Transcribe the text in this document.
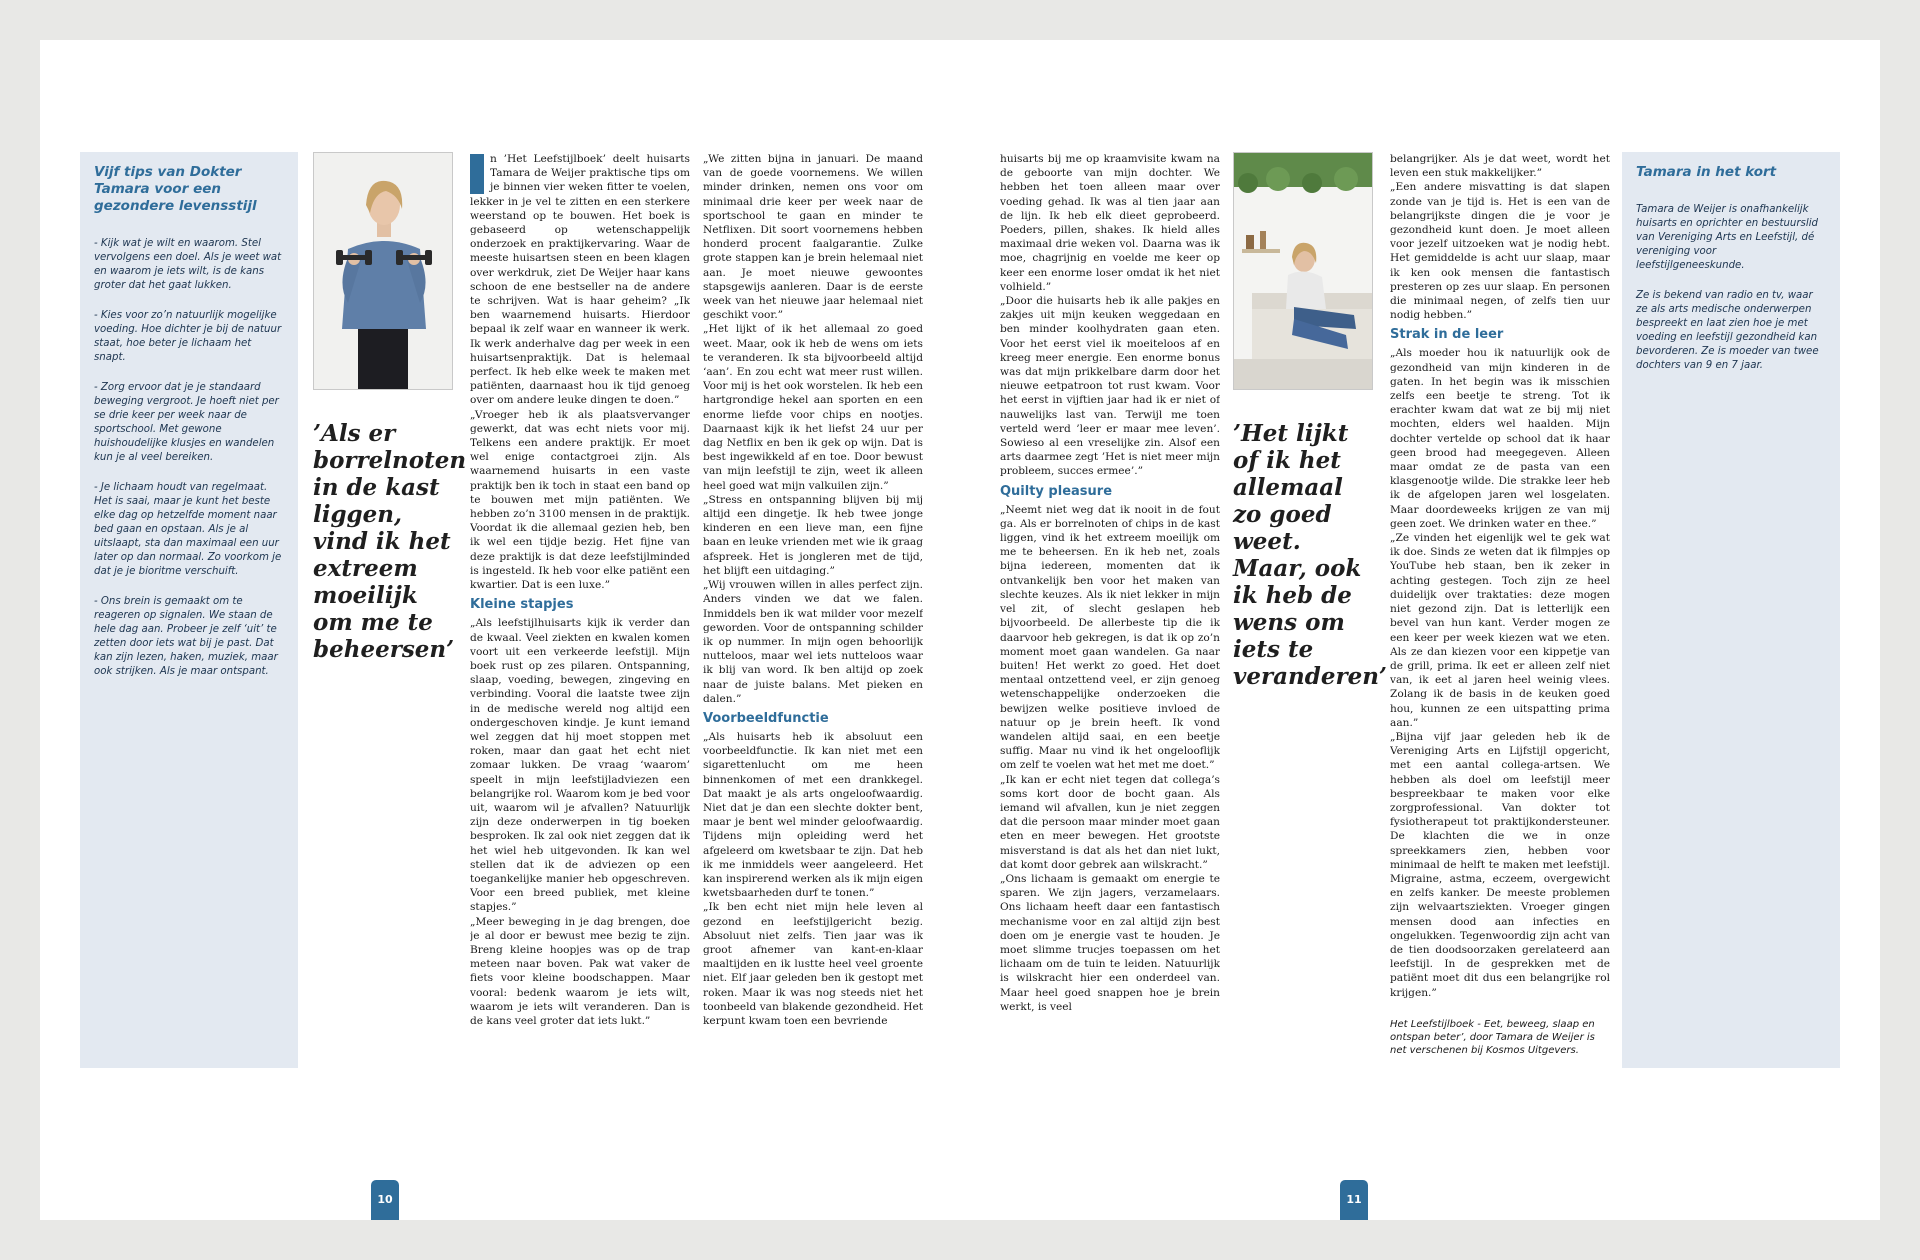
Vijf tips van Dokter Tamara voor een gezondere levensstijl

- Kijk wat je wilt en waarom. Stel vervolgens een doel. Als je weet wat en waarom je iets wilt, is de kans groter dat het gaat lukken.

- Kies voor zo’n natuurlijk mogelijke voeding. Hoe dichter je bij de natuur staat, hoe beter je lichaam het snapt.

- Zorg ervoor dat je je standaard beweging vergroot. Je hoeft niet per se drie keer per week naar de sportschool. Met gewone huishoudelijke klusjes en wandelen kun je al veel bereiken.

- Je lichaam houdt van regelmaat. Het is saai, maar je kunt het beste elke dag op hetzelfde moment naar bed gaan en opstaan. Als je al uitslaapt, sta dan maximaal een uur later op dan normaal. Zo voorkom je dat je je bioritme verschuift.

- Ons brein is gemaakt om te reageren op signalen. We staan de hele dag aan. Probeer je zelf ‘uit’ te zetten door iets wat bij je past. Dat kan zijn lezen, haken, muziek, maar ook strijken. Als je maar ontspant.

’Als er borrelnoten in de kast liggen, vind ik het extreem moeilijk om me te beheersen’

n ’Het Leefstijlboek’ deelt huisarts Tamara de Weijer praktische tips om je binnen vier weken fitter te voelen, lekker in je vel te zitten en een sterkere weerstand op te bouwen. Het boek is gebaseerd op wetenschappelijk onderzoek en praktijkervaring. Waar de meeste huisartsen steen en been klagen over werkdruk, ziet De Weijer haar kans schoon de ene bestseller na de andere te schrijven. Wat is haar geheim? „Ik ben waarnemend huisarts. Hierdoor bepaal ik zelf waar en wanneer ik werk. Ik werk anderhalve dag per week in een huisartsenpraktijk. Dat is helemaal perfect. Ik heb elke week te maken met patiënten, daarnaast hou ik tijd genoeg over om andere leuke dingen te doen.”

„Vroeger heb ik als plaatsvervanger gewerkt, dat was echt niets voor mij. Telkens een andere praktijk. Er moet wel enige contactgroei zijn. Als waarnemend huisarts in een vaste praktijk ben ik toch in staat een band op te bouwen met mijn patiënten. We hebben zo’n 3100 mensen in de praktijk. Voordat ik die allemaal gezien heb, ben ik wel een tijdje bezig. Het fijne van deze praktijk is dat deze leefstijlminded is ingesteld. Ik heb voor elke patiënt een kwartier. Dat is een luxe.”

Kleine stapjes

„Als leefstijlhuisarts kijk ik verder dan de kwaal. Veel ziekten en kwalen komen voort uit een verkeerde leefstijl. Mijn boek rust op zes pilaren. Ontspanning, slaap, voeding, bewegen, zingeving en verbinding. Vooral die laatste twee zijn in de medische wereld nog altijd een ondergeschoven kindje. Je kunt iemand wel zeggen dat hij moet stoppen met roken, maar dan gaat het echt niet zomaar lukken. De vraag ‘waarom’ speelt in mijn leefstijladviezen een belangrijke rol. Waarom kom je bed voor uit, waarom wil je afvallen? Natuurlijk zijn deze onderwerpen in tig boeken besproken. Ik zal ook niet zeggen dat ik het wiel heb uitgevonden. Ik kan wel stellen dat ik de adviezen op een toegankelijke manier heb opgeschreven. Voor een breed publiek, met kleine stapjes.”

„Meer beweging in je dag brengen, doe je al door er bewust mee bezig te zijn. Breng kleine hoopjes was op de trap meteen naar boven. Pak wat vaker de fiets voor kleine boodschappen. Maar vooral: bedenk waarom je iets wilt, waarom je iets wilt veranderen. Dan is de kans veel groter dat iets lukt.”

„We zitten bijna in januari. De maand van de goede voornemens. We willen minder drinken, nemen ons voor om minimaal drie keer per week naar de sportschool te gaan en minder te Netflixen. Dit soort voornemens hebben honderd procent faalgarantie. Zulke grote stappen kan je brein helemaal niet aan. Je moet nieuwe gewoontes stapsgewijs aanleren. Daar is de eerste week van het nieuwe jaar helemaal niet geschikt voor.”

„Het lijkt of ik het allemaal zo goed weet. Maar, ook ik heb de wens om iets te veranderen. Ik sta bijvoorbeeld altijd ‘aan’. En zou echt wat meer rust willen. Voor mij is het ook worstelen. Ik heb een hartgrondige hekel aan sporten en een enorme liefde voor chips en nootjes. Daarnaast kijk ik het liefst 24 uur per dag Netflix en ben ik gek op wijn. Dat is best ingewikkeld af en toe. Door bewust van mijn leefstijl te zijn, weet ik alleen heel goed wat mijn valkuilen zijn.”

„Stress en ontspanning blijven bij mij altijd een dingetje. Ik heb twee jonge kinderen en een lieve man, een fijne baan en leuke vrienden met wie ik graag afspreek. Het is jongleren met de tijd, het blijft een uitdaging.”

„Wij vrouwen willen in alles perfect zijn. Anders vinden we dat we falen. Inmiddels ben ik wat milder voor mezelf geworden. Voor de ontspanning schilder ik op nummer. In mijn ogen behoorlijk nutteloos, maar wel iets nutteloos waar ik blij van word. Ik ben altijd op zoek naar de juiste balans. Met pieken en dalen.”

Voorbeeldfunctie

„Als huisarts heb ik absoluut een voorbeeldfunctie. Ik kan niet met een sigarettenlucht om me heen binnenkomen of met een drankkegel. Dat maakt je als arts ongeloofwaardig. Niet dat je dan een slechte dokter bent, maar je bent wel minder geloofwaardig. Tijdens mijn opleiding werd het afgeleerd om kwetsbaar te zijn. Dat heb ik me inmiddels weer aangeleerd. Het kan inspirerend werken als ik mijn eigen kwetsbaarheden durf te tonen.”

„Ik ben echt niet mijn hele leven al gezond en leefstijlgericht bezig. Absoluut niet zelfs. Tien jaar was ik groot afnemer van kant-en-klaar maaltijden en ik lustte heel veel groente niet. Elf jaar geleden ben ik gestopt met roken. Maar ik was nog steeds niet het toonbeeld van blakende gezondheid. Het kerpunt kwam toen een bevriende

10

huisarts bij me op kraamvisite kwam na de geboorte van mijn dochter. We hebben het toen alleen maar over voeding gehad. Ik was al tien jaar aan de lijn. Ik heb elk dieet geprobeerd. Poeders, pillen, shakes. Ik hield alles maximaal drie weken vol. Daarna was ik moe, chagrijnig en voelde me keer op keer een enorme loser omdat ik het niet volhield.”

„Door die huisarts heb ik alle pakjes en zakjes uit mijn keuken weggedaan en ben minder koolhydraten gaan eten. Voor het eerst viel ik moeiteloos af en kreeg meer energie. Een enorme bonus was dat mijn prikkelbare darm door het nieuwe eetpatroon tot rust kwam. Voor het eerst in vijftien jaar had ik er niet of nauwelijks last van. Terwijl me toen verteld werd ’leer er maar mee leven’. Sowieso al een vreselijke zin. Alsof een arts daarmee zegt ’Het is niet meer mijn probleem, succes ermee’.”

Quilty pleasure

„Neemt niet weg dat ik nooit in de fout ga. Als er borrelnoten of chips in de kast liggen, vind ik het extreem moeilijk om me te beheersen. En ik heb net, zoals bijna iedereen, momenten dat ik ontvankelijk ben voor het maken van slechte keuzes. Als ik niet lekker in mijn vel zit, of slecht geslapen heb bijvoorbeeld. De allerbeste tip die ik daarvoor heb gekregen, is dat ik op zo’n moment moet gaan wandelen. Ga naar buiten! Het werkt zo goed. Het doet mentaal ontzettend veel, er zijn genoeg wetenschappelijke onderzoeken die bewijzen welke positieve invloed de natuur op je brein heeft. Ik vond wandelen altijd saai, en een beetje suffig. Maar nu vind ik het ongelooflijk om zelf te voelen wat het met me doet.”

„Ik kan er echt niet tegen dat collega’s soms kort door de bocht gaan. Als iemand wil afvallen, kun je niet zeggen dat die persoon maar minder moet gaan eten en meer bewegen. Het grootste misverstand is dat als het dan niet lukt, dat komt door gebrek aan wilskracht.”

„Ons lichaam is gemaakt om energie te sparen. We zijn jagers, verzamelaars. Ons lichaam heeft daar een fantastisch mechanisme voor en zal altijd zijn best doen om je energie vast te houden. Je moet slimme trucjes toepassen om het lichaam om de tuin te leiden. Natuurlijk is wilskracht hier een onderdeel van. Maar heel goed snappen hoe je brein werkt, is veel

’Het lijkt of ik het allemaal zo goed weet. Maar, ook ik heb de wens om iets te veranderen’

belangrijker. Als je dat weet, wordt het leven een stuk makkelijker.”

„Een andere misvatting is dat slapen zonde van je tijd is. Het is een van de belangrijkste dingen die je voor je gezondheid kunt doen. Je moet alleen voor jezelf uitzoeken wat je nodig hebt. Het gemiddelde is acht uur slaap, maar ik ken ook mensen die fantastisch presteren op zes uur slaap. En personen die minimaal negen, of zelfs tien uur nodig hebben.”

Strak in de leer

„Als moeder hou ik natuurlijk ook de gezondheid van mijn kinderen in de gaten. In het begin was ik misschien zelfs een beetje te streng. Tot ik erachter kwam dat wat ze bij mij niet mochten, elders wel haalden. Mijn dochter vertelde op school dat ik haar geen brood had meegegeven. Alleen maar omdat ze de pasta van een klasgenootje wilde. Die strakke leer heb ik de afgelopen jaren wel losgelaten. Maar doordeweeks krijgen ze van mij geen zoet. We drinken water en thee.”

„Ze vinden het eigenlijk wel te gek wat ik doe. Sinds ze weten dat ik filmpjes op YouTube heb staan, ben ik zeker in achting gestegen. Toch zijn ze heel duidelijk over traktaties: deze mogen niet gezond zijn. Dat is letterlijk een bevel van hun kant. Verder mogen ze een keer per week kiezen wat we eten. Als ze dan kiezen voor een kippetje van de grill, prima. Ik eet er alleen zelf niet van, ik eet al jaren heel weinig vlees. Zolang ik de basis in de keuken goed hou, kunnen ze een uitspatting prima aan.”

„Bijna vijf jaar geleden heb ik de Vereniging Arts en Lijfstijl opgericht, met een aantal collega-artsen. We hebben als doel om leefstijl meer bespreekbaar te maken voor elke zorgprofessional. Van dokter tot fysiotherapeut tot praktijkondersteuner. De klachten die we in onze spreekkamers zien, hebben voor minimaal de helft te maken met leefstijl. Migraine, astma, eczeem, overgewicht en zelfs kanker. De meeste problemen zijn welvaartsziekten. Vroeger gingen mensen dood aan infecties en ongelukken. Tegenwoordig zijn acht van de tien doodsoorzaken gerelateerd aan leefstijl. In de gesprekken met de patiënt moet dit dus een belangrijke rol krijgen.”

Het Leefstijlboek - Eet, beweeg, slaap en ontspan beter’, door Tamara de Weijer is net verschenen bij Kosmos Uitgevers.

Tamara in het kort

Tamara de Weijer is onafhankelijk huisarts en oprichter en bestuurslid van Vereniging Arts en Leefstijl, dé vereniging voor leefstijlgeneeskunde.

Ze is bekend van radio en tv, waar ze als arts medische onderwerpen bespreekt en laat zien hoe je met voeding en leefstijl gezondheid kan bevorderen. Ze is moeder van twee dochters van 9 en 7 jaar.

11
